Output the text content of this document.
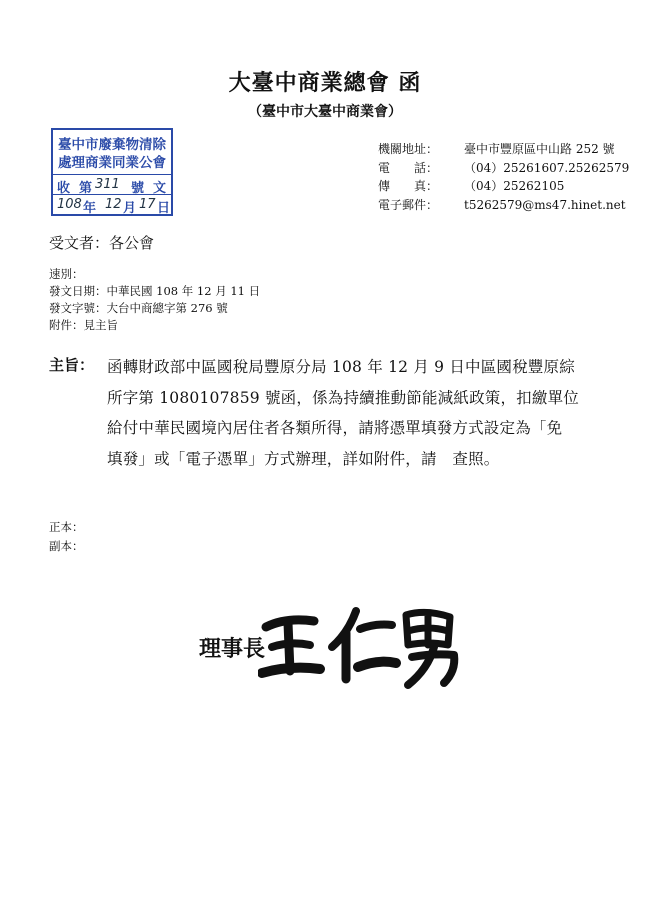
大臺中商業總會 函
（臺中市大臺中商業會）
臺中市廢棄物清除
處理商業同業公會
收 第 311 號 文
108 年 12 月 17 日
機關地址： 臺中市豐原區中山路 252 號
電　　話： （04）25261607.25262579
傳　　真： （04）25262105
電子郵件： t5262579@ms47.hinet.net
受文者：各公會
速別：
發文日期：中華民國 108 年 12 月 11 日
發文字號：大台中商總字第 276 號
附件：見主旨
主旨： 函轉財政部中區國稅局豐原分局 108 年 12 月 9 日中區國稅豐原綜
所字第 1080107859 號函，係為持續推動節能減紙政策，扣繳單位
給付中華民國境內居住者各類所得，請將憑單填發方式設定為「免
填發」或「電子憑單」方式辦理，詳如附件，請　查照。
正本：
副本：
理事長
